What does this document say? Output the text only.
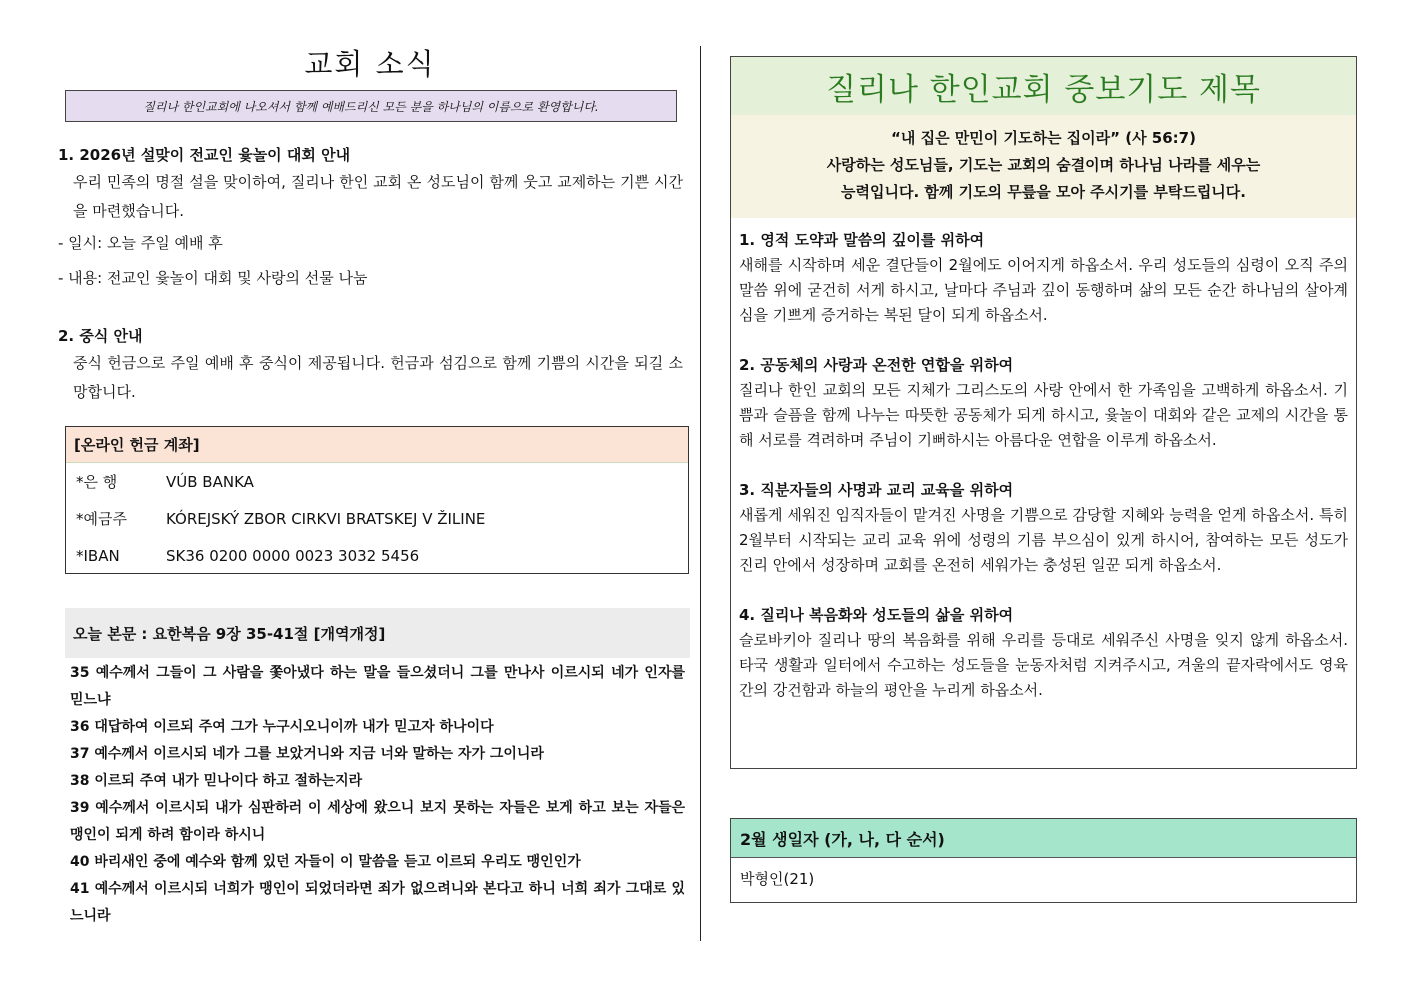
교회 소식
질리나 한인교회에 나오셔서 함께 예배드리신 모든 분을 하나님의 이름으로 환영합니다.
1. 2026년 설맞이 전교인 윷놀이 대회 안내
우리 민족의 명절 설을 맞이하여, 질리나 한인 교회 온 성도님이 함께 웃고 교제하는 기쁜 시간을 마련했습니다.
- 일시: 오늘 주일 예배 후
- 내용: 전교인 윷놀이 대회 및 사랑의 선물 나눔
2. 중식 안내
중식 헌금으로 주일 예배 후 중식이 제공됩니다. 헌금과 섬김으로 함께 기쁨의 시간을 되길 소망합니다.
[온라인 헌금 계좌]
*은 행	VÚB BANKA
*예금주	KÓREJSKÝ ZBOR CIRKVI BRATSKEJ V ŽILINE
*IBAN	SK36 0200 0000 0023 3032 5456
오늘 본문 : 요한복음 9장 35-41절 [개역개정]
35 예수께서 그들이 그 사람을 쫓아냈다 하는 말을 들으셨더니 그를 만나사 이르시되 네가 인자를 믿느냐
36 대답하여 이르되 주여 그가 누구시오니이까 내가 믿고자 하나이다
37 예수께서 이르시되 네가 그를 보았거니와 지금 너와 말하는 자가 그이니라
38 이르되 주여 내가 믿나이다 하고 절하는지라
39 예수께서 이르시되 내가 심판하러 이 세상에 왔으니 보지 못하는 자들은 보게 하고 보는 자들은 맹인이 되게 하려 함이라 하시니
40 바리새인 중에 예수와 함께 있던 자들이 이 말씀을 듣고 이르되 우리도 맹인인가
41 예수께서 이르시되 너희가 맹인이 되었더라면 죄가 없으려니와 본다고 하니 너희 죄가 그대로 있느니라
질리나 한인교회 중보기도 제목
“내 집은 만민이 기도하는 집이라” (사 56:7)
사랑하는 성도님들, 기도는 교회의 숨결이며 하나님 나라를 세우는
능력입니다. 함께 기도의 무릎을 모아 주시기를 부탁드립니다.
1. 영적 도약과 말씀의 깊이를 위하여
새해를 시작하며 세운 결단들이 2월에도 이어지게 하옵소서. 우리 성도들의 심령이 오직 주의 말씀 위에 굳건히 서게 하시고, 날마다 주님과 깊이 동행하며 삶의 모든 순간 하나님의 살아계심을 기쁘게 증거하는 복된 달이 되게 하옵소서.
2. 공동체의 사랑과 온전한 연합을 위하여
질리나 한인 교회의 모든 지체가 그리스도의 사랑 안에서 한 가족임을 고백하게 하옵소서. 기쁨과 슬픔을 함께 나누는 따뜻한 공동체가 되게 하시고, 윷놀이 대회와 같은 교제의 시간을 통해 서로를 격려하며 주님이 기뻐하시는 아름다운 연합을 이루게 하옵소서.
3. 직분자들의 사명과 교리 교육을 위하여
새롭게 세워진 임직자들이 맡겨진 사명을 기쁨으로 감당할 지혜와 능력을 얻게 하옵소서. 특히 2월부터 시작되는 교리 교육 위에 성령의 기름 부으심이 있게 하시어, 참여하는 모든 성도가 진리 안에서 성장하며 교회를 온전히 세워가는 충성된 일꾼 되게 하옵소서.
4. 질리나 복음화와 성도들의 삶을 위하여
슬로바키아 질리나 땅의 복음화를 위해 우리를 등대로 세워주신 사명을 잊지 않게 하옵소서. 타국 생활과 일터에서 수고하는 성도들을 눈동자처럼 지켜주시고, 겨울의 끝자락에서도 영육 간의 강건함과 하늘의 평안을 누리게 하옵소서.
2월 생일자 (가, 나, 다 순서)
박형인(21)
